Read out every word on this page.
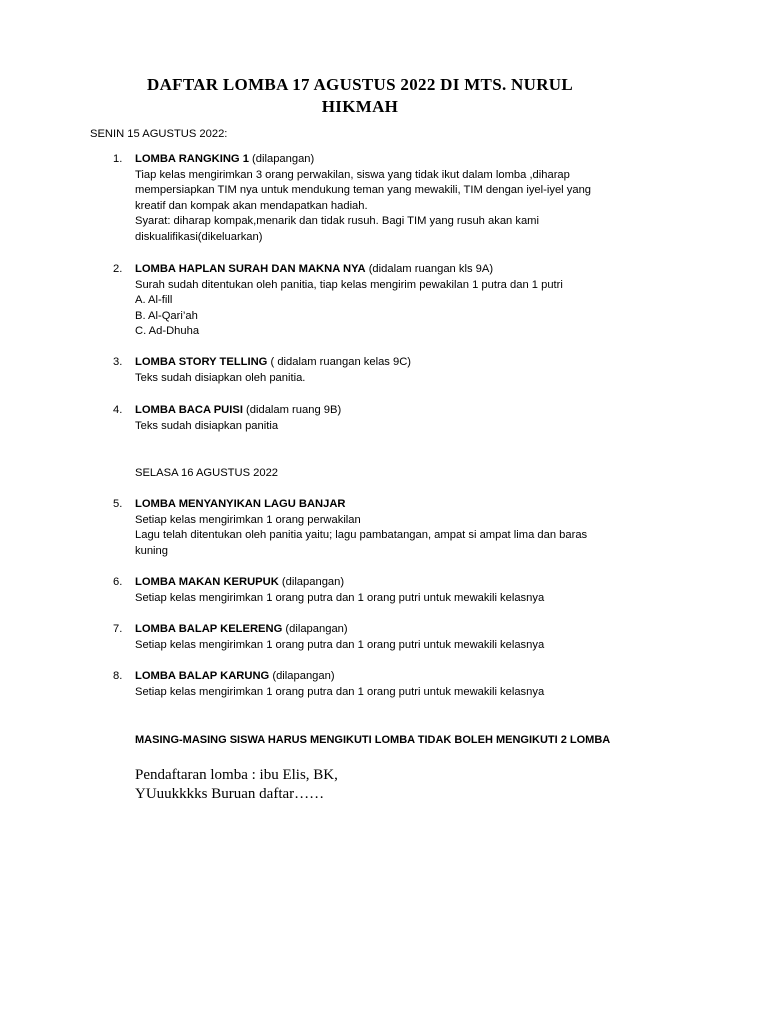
DAFTAR LOMBA 17 AGUSTUS 2022 DI MTS. NURUL
HIKMAH
SENIN 15 AGUSTUS 2022:
1.	LOMBA RANGKING 1 (dilapangan)
Tiap kelas mengirimkan 3 orang perwakilan, siswa yang tidak ikut dalam lomba ,diharap
mempersiapkan TIM nya untuk mendukung teman yang mewakili, TIM dengan iyel-iyel yang
kreatif dan kompak akan mendapatkan hadiah.
Syarat: diharap kompak,menarik dan tidak rusuh. Bagi TIM yang rusuh akan kami
diskualifikasi(dikeluarkan)
2.	LOMBA HAPLAN SURAH DAN MAKNA NYA (didalam ruangan kls 9A)
Surah sudah ditentukan oleh panitia, tiap kelas mengirim pewakilan 1 putra dan 1 putri
A. Al-fill
B. Al-Qari’ah
C. Ad-Dhuha
3.	LOMBA STORY TELLING ( didalam ruangan kelas 9C)
Teks sudah disiapkan oleh panitia.
4.	LOMBA BACA PUISI (didalam ruang 9B)
Teks sudah disiapkan panitia
SELASA 16 AGUSTUS 2022
5.	LOMBA MENYANYIKAN LAGU BANJAR
Setiap kelas mengirimkan 1 orang perwakilan
Lagu telah ditentukan oleh panitia yaitu; lagu pambatangan, ampat si ampat lima dan baras
kuning
6.	LOMBA MAKAN KERUPUK (dilapangan)
Setiap kelas mengirimkan 1 orang putra dan 1 orang putri untuk mewakili kelasnya
7.	LOMBA BALAP KELERENG (dilapangan)
Setiap kelas mengirimkan 1 orang putra dan 1 orang putri untuk mewakili kelasnya
8.	LOMBA BALAP KARUNG (dilapangan)
Setiap kelas mengirimkan 1 orang putra dan 1 orang putri untuk mewakili kelasnya
MASING-MASING SISWA HARUS MENGIKUTI LOMBA TIDAK BOLEH MENGIKUTI 2 LOMBA
Pendaftaran lomba : ibu Elis, BK,
YUuukkkks Buruan daftar……
